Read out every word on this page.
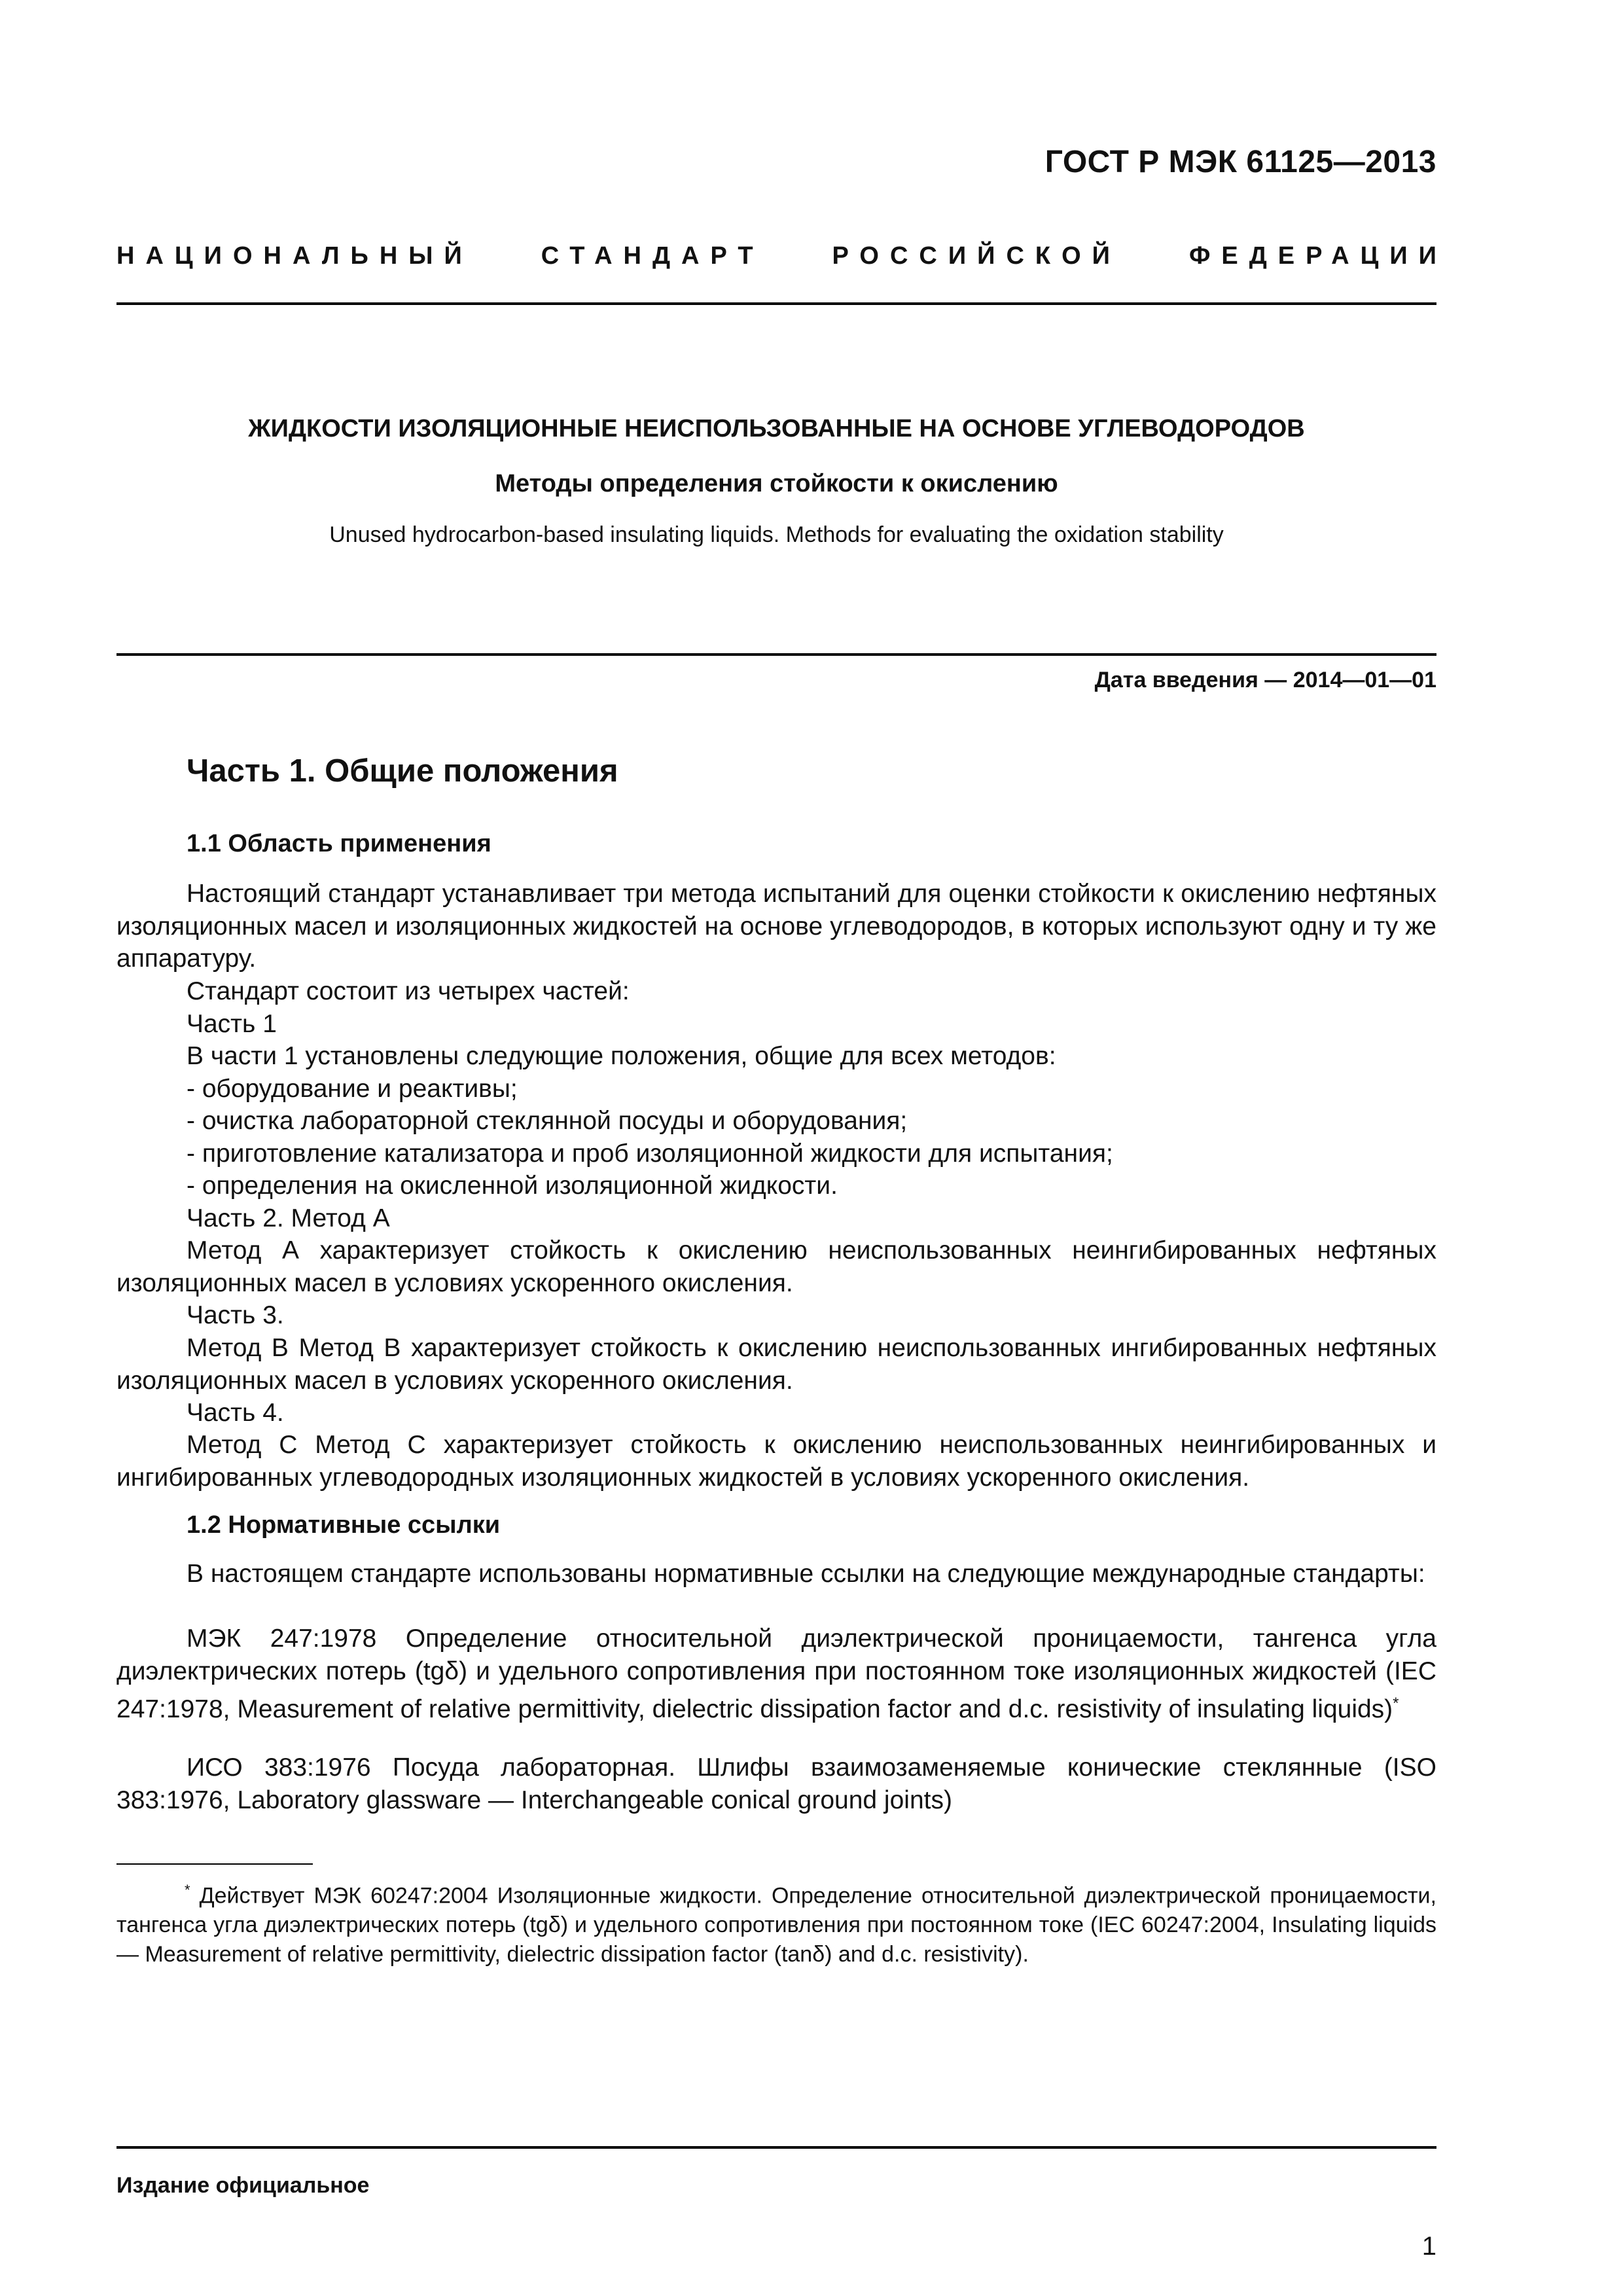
ГОСТ Р МЭК 61125—2013
НАЦИОНАЛЬНЫЙ	СТАНДАРТ	РОССИЙСКОЙ	ФЕДЕРАЦИИ
ЖИДКОСТИ ИЗОЛЯЦИОННЫЕ НЕИСПОЛЬЗОВАННЫЕ НА ОСНОВЕ УГЛЕВОДОРОДОВ
Методы определения стойкости к окислению
Unused hydrocarbon-based insulating liquids. Methods for evaluating the oxidation stability
Дата введения — 2014—01—01
Часть 1. Общие положения
1.1 Область применения
Настоящий стандарт устанавливает три метода испытаний для оценки стойкости к окислению нефтяных изоляционных масел и изоляционных жидкостей на основе углеводородов, в которых используют одну и ту же аппаратуру.
Стандарт состоит из четырех частей:
Часть 1
В части 1 установлены следующие положения, общие для всех методов:
- оборудование и реактивы;
- очистка лабораторной стеклянной посуды и оборудования;
- приготовление катализатора и проб изоляционной жидкости для испытания;
- определения на окисленной изоляционной жидкости.
Часть 2. Метод А
Метод А характеризует стойкость к окислению неиспользованных неингибированных нефтяных изоляционных масел в условиях ускоренного окисления.
Часть 3.
Метод В Метод В характеризует стойкость к окислению неиспользованных ингибированных нефтяных изоляционных масел в условиях ускоренного окисления.
Часть 4.
Метод С Метод С характеризует стойкость к окислению неиспользованных неингибированных и ингибированных углеводородных изоляционных жидкостей в условиях ускоренного окисления.
1.2 Нормативные ссылки
В настоящем стандарте использованы нормативные ссылки на следующие международные стандарты:
МЭК 247:1978 Определение относительной диэлектрической проницаемости, тангенса угла диэлектрических потерь (tgδ) и удельного сопротивления при постоянном токе изоляционных жидкостей (IEC 247:1978, Measurement of relative permittivity, dielectric dissipation factor and d.c. resistivity of insulating liquids)*
ИСО 383:1976 Посуда лабораторная. Шлифы взаимозаменяемые конические стеклянные (ISO 383:1976, Laboratory glassware — Interchangeable conical ground joints)
* Действует МЭК 60247:2004 Изоляционные жидкости. Определение относительной диэлектрической проницаемости, тангенса угла диэлектрических потерь (tgδ) и удельного сопротивления при постоянном токе (IEC 60247:2004, Insulating liquids — Measurement of relative permittivity, dielectric dissipation factor (tanδ) and d.c. resistivity).
Издание официальное
1
